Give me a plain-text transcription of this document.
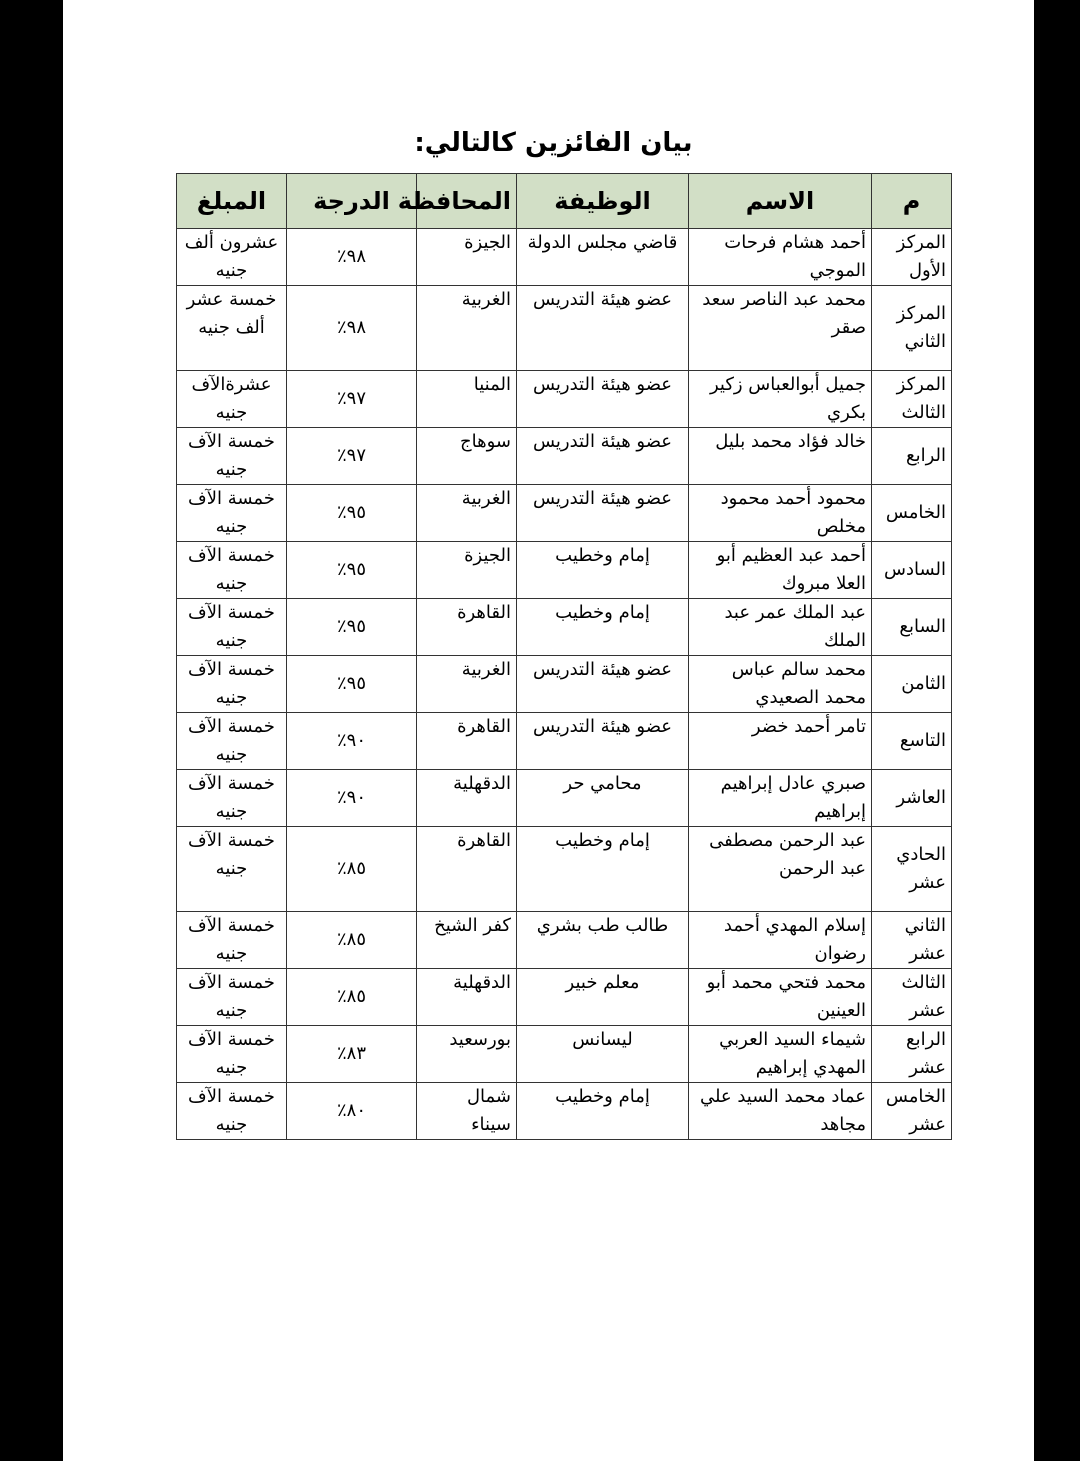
بيان الفائزين كالتالي:
م	الاسم	الوظيفة	المحافظة	الدرجة	المبلغ
المركز الأول	أحمد هشام فرحات الموجي	قاضي مجلس الدولة	الجيزة	٩٨٪	عشرون ألف جنيه
المركز الثاني	محمد عبد الناصر سعد صقر	عضو هيئة التدريس	الغربية	٩٨٪	خمسة عشر ألف جنيه
المركز الثالث	جميل أبوالعباس زكير بكري	عضو هيئة التدريس	المنيا	٩٧٪	عشرةالآف جنيه
الرابع	خالد فؤاد محمد بليل	عضو هيئة التدريس	سوهاج	٩٧٪	خمسة الآف جنيه
الخامس	محمود أحمد محمود مخلص	عضو هيئة التدريس	الغربية	٩٥٪	خمسة الآف جنيه
السادس	أحمد عبد العظيم أبو العلا مبروك	إمام وخطيب	الجيزة	٩٥٪	خمسة الآف جنيه
السابع	عبد الملك عمر عبد الملك	إمام وخطيب	القاهرة	٩٥٪	خمسة الآف جنيه
الثامن	محمد سالم عباس محمد الصعيدي	عضو هيئة التدريس	الغربية	٩٥٪	خمسة الآف جنيه
التاسع	تامر أحمد خضر	عضو هيئة التدريس	القاهرة	٩٠٪	خمسة الآف جنيه
العاشر	صبري عادل إبراهيم إبراهيم	محامي حر	الدقهلية	٩٠٪	خمسة الآف جنيه
الحادي عشر	عبد الرحمن مصطفى عبد الرحمن	إمام وخطيب	القاهرة	٨٥٪	خمسة الآف جنيه
الثاني عشر	إسلام المهدي أحمد رضوان	طالب طب بشري	كفر الشيخ	٨٥٪	خمسة الآف جنيه
الثالث عشر	محمد فتحي محمد أبو العينين	معلم خبير	الدقهلية	٨٥٪	خمسة الآف جنيه
الرابع عشر	شيماء السيد العربي المهدي إبراهيم	ليسانس	بورسعيد	٨٣٪	خمسة الآف جنيه
الخامس عشر	عماد محمد السيد علي مجاهد	إمام وخطيب	شمال سيناء	٨٠٪	خمسة الآف جنيه
